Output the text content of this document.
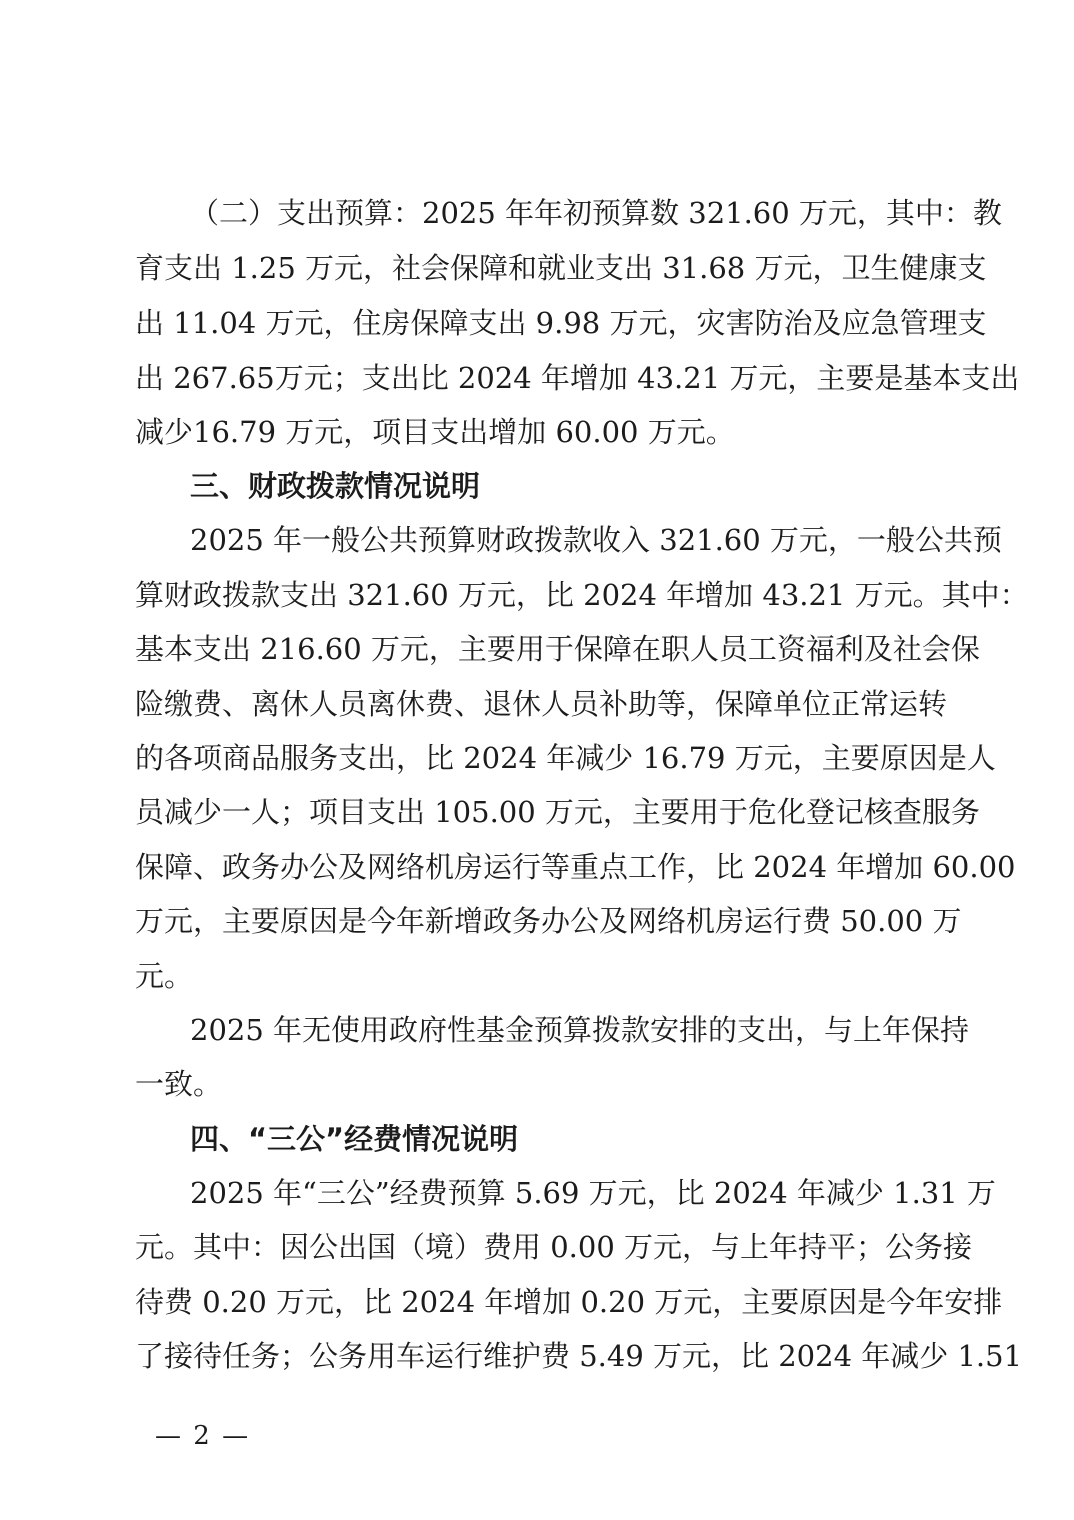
（二）支出预算：2025 年年初预算数 321.60 万元，其中：教
育支出 1.25 万元，社会保障和就业支出 31.68 万元，卫生健康支
出 11.04 万元，住房保障支出 9.98 万元，灾害防治及应急管理支
出 267.65万元；支出比 2024 年增加 43.21 万元，主要是基本支出
减少16.79 万元，项目支出增加 60.00 万元。
三、财政拨款情况说明
2025 年一般公共预算财政拨款收入 321.60 万元，一般公共预
算财政拨款支出 321.60 万元，比 2024 年增加 43.21 万元。其中：
基本支出 216.60 万元，主要用于保障在职人员工资福利及社会保
险缴费、离休人员离休费、退休人员补助等，保障单位正常运转
的各项商品服务支出，比 2024 年减少 16.79 万元，主要原因是人
员减少一人；项目支出 105.00 万元，主要用于危化登记核查服务
保障、政务办公及网络机房运行等重点工作，比 2024 年增加 60.00
万元，主要原因是今年新增政务办公及网络机房运行费 50.00 万
元。
2025 年无使用政府性基金预算拨款安排的支出，与上年保持
一致。
四、“三公”经费情况说明
2025 年“三公”经费预算 5.69 万元，比 2024 年减少 1.31 万
元。其中：因公出国（境）费用 0.00 万元，与上年持平；公务接
待费 0.20 万元，比 2024 年增加 0.20 万元，主要原因是今年安排
了接待任务；公务用车运行维护费 5.49 万元，比 2024 年减少 1.51
— 2 —
